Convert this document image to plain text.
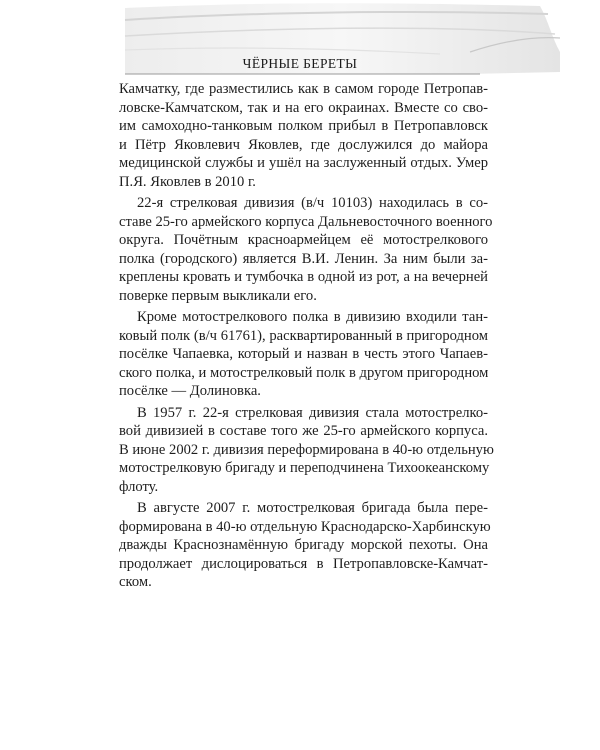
ЧЁРНЫЕ БЕРЕТЫ
Камчатку, где разместились как в самом городе Петропав-
ловске-Камчатском, так и на его окраинах. Вместе со сво-
им самоходно-танковым полком прибыл в Петропавловск
и Пётр Яковлевич Яковлев, где дослужился до майора
медицинской службы и ушёл на заслуженный отдых. Умер
П.Я. Яковлев в 2010 г.
22-я стрелковая дивизия (в/ч 10103) находилась в со-
ставе 25-го армейского корпуса Дальневосточного военного
округа. Почётным красноармейцем её мотострелкового
полка (городского) является В.И. Ленин. За ним были за-
креплены кровать и тумбочка в одной из рот, а на вечерней
поверке первым выкликали его.
Кроме мотострелкового полка в дивизию входили тан-
ковый полк (в/ч 61761), расквартированный в пригородном
посёлке Чапаевка, который и назван в честь этого Чапаев-
ского полка, и мотострелковый полк в другом пригородном
посёлке — Долиновка.
В 1957 г. 22-я стрелковая дивизия стала мотострелко-
вой дивизией в составе того же 25-го армейского корпуса.
В июне 2002 г. дивизия переформирована в 40-ю отдельную
мотострелковую бригаду и переподчинена Тихоокеанскому
флоту.
В августе 2007 г. мотострелковая бригада была пере-
формирована в 40-ю отдельную Краснодарско-Харбинскую
дважды Краснознамённую бригаду морской пехоты. Она
продолжает дислоцироваться в Петропавловске-Камчат-
ском.
